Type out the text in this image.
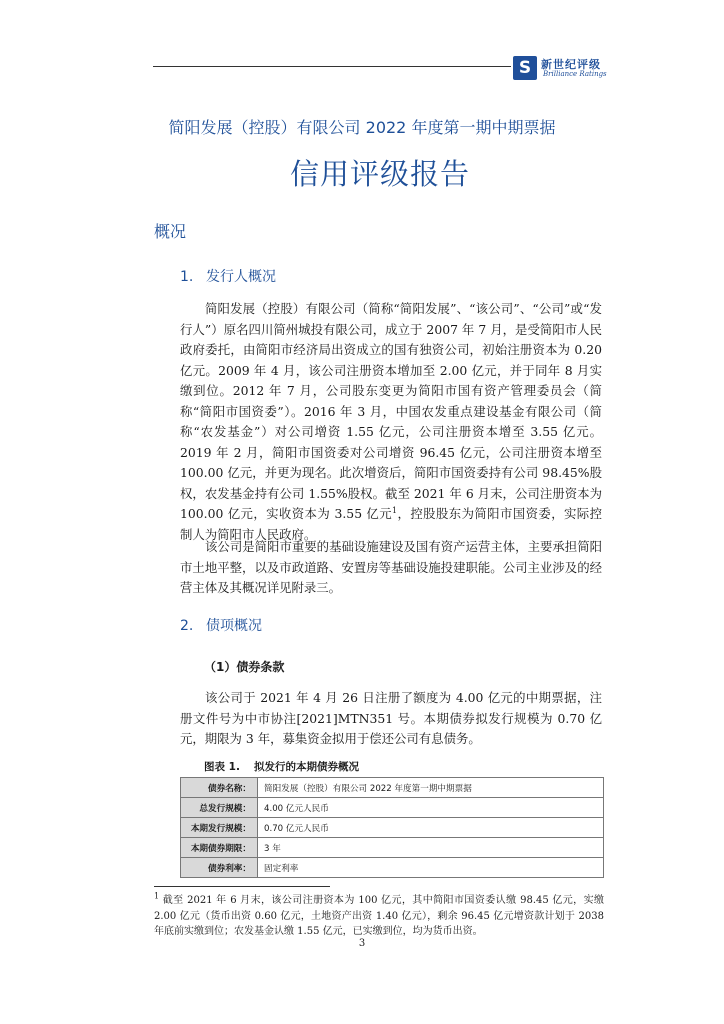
S 新世纪评级
Brilliance Ratings
简阳发展（控股）有限公司 2022 年度第一期中期票据
信用评级报告
概况
1. 发行人概况
简阳发展（控股）有限公司（简称“简阳发展”、“该公司”、“公司”或“发行人”）原名四川简州城投有限公司，成立于 2007 年 7 月，是受简阳市人民政府委托，由简阳市经济局出资成立的国有独资公司，初始注册资本为 0.20 亿元。2009 年 4 月，该公司注册资本增加至 2.00 亿元，并于同年 8 月实缴到位。2012 年 7 月，公司股东变更为简阳市国有资产管理委员会（简称“简阳市国资委”）。2016 年 3 月，中国农发重点建设基金有限公司（简称“农发基金”）对公司增资 1.55 亿元，公司注册资本增至 3.55 亿元。2019 年 2 月，简阳市国资委对公司增资 96.45 亿元，公司注册资本增至 100.00 亿元，并更为现名。此次增资后，简阳市国资委持有公司 98.45%股权，农发基金持有公司 1.55%股权。截至 2021 年 6 月末，公司注册资本为 100.00 亿元，实收资本为 3.55 亿元$^1$，控股股东为简阳市国资委，实际控制人为简阳市人民政府。
该公司是简阳市重要的基础设施建设及国有资产运营主体，主要承担简阳市土地平整，以及市政道路、安置房等基础设施投建职能。公司主业涉及的经营主体及其概况详见附录三。
2. 债项概况
（1）债券条款
该公司于 2021 年 4 月 26 日注册了额度为 4.00 亿元的中期票据，注册文件号为中市协注[2021]MTN351 号。本期债券拟发行规模为 0.70 亿元，期限为 3 年，募集资金拟用于偿还公司有息债务。
图表 1. 拟发行的本期债券概况
债券名称：	简阳发展（控股）有限公司 2022 年度第一期中期票据
总发行规模：	4.00 亿元人民币
本期发行规模：	0.70 亿元人民币
本期债券期限：	3 年
债券利率：	固定利率
$^1$ 截至 2021 年 6 月末，该公司注册资本为 100 亿元，其中简阳市国资委认缴 98.45 亿元，实缴 2.00 亿元（货币出资 0.60 亿元，土地资产出资 1.40 亿元），剩余 96.45 亿元增资款计划于 2038 年底前实缴到位；农发基金认缴 1.55 亿元，已实缴到位，均为货币出资。
3
